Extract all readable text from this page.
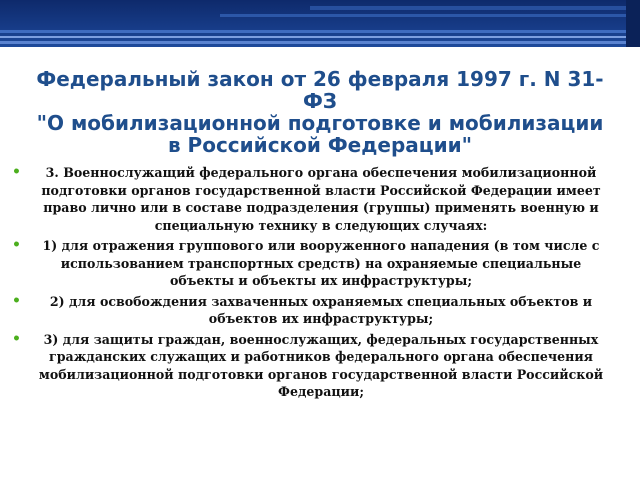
Федеральный закон от 26 февраля 1997 г. N 31-ФЗ
"О мобилизационной подготовке и мобилизации в Российской Федерации"
• 3. Военнослужащий федерального органа обеспечения мобилизационной подготовки органов государственной власти Российской Федерации имеет право лично или в составе подразделения (группы) применять военную и специальную технику в следующих случаях:
• 1) для отражения группового или вооруженного нападения (в том числе с использованием транспортных средств) на охраняемые специальные объекты и объекты их инфраструктуры;
• 2) для освобождения захваченных охраняемых специальных объектов и объектов их инфраструктуры;
• 3) для защиты граждан, военнослужащих, федеральных государственных гражданских служащих и работников федерального органа обеспечения мобилизационной подготовки органов государственной власти Российской Федерации;
